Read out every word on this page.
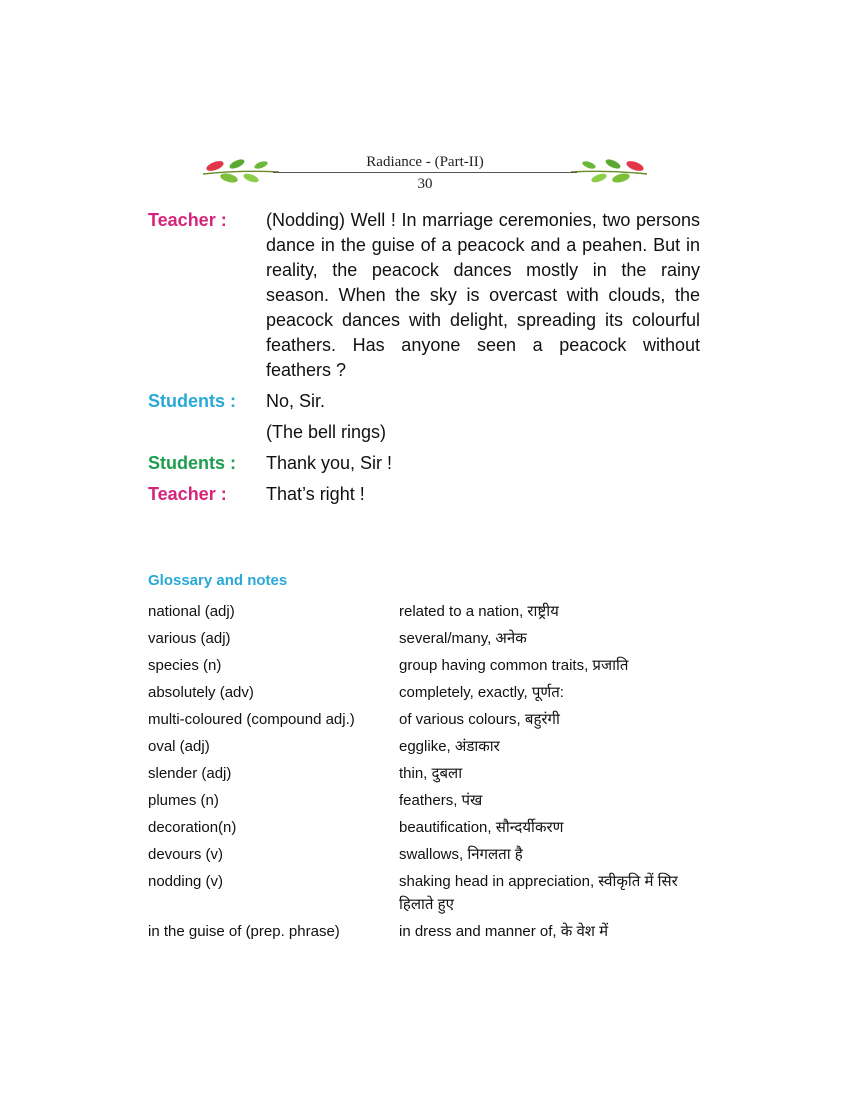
Radiance - (Part-II)
30
Teacher :	(Nodding) Well ! In marriage ceremonies, two persons dance in the guise of a peacock and a peahen. But in reality, the peacock dances mostly in the rainy season. When the sky is overcast with clouds, the peacock dances with delight, spreading its colourful feathers. Has anyone seen a peacock without feathers ?
Students :	No, Sir.
(The bell rings)
Students :	Thank you, Sir !
Teacher :	That’s right !
Glossary and notes
national (adj)	related to a nation, राष्ट्रीय
various (adj)	several/many, अनेक
species (n)	group having common traits, प्रजाति
absolutely (adv)	completely, exactly, पूर्णत:
multi-coloured (compound adj.)	of various colours, बहुरंगी
oval (adj)	egglike, अंडाकार
slender (adj)	thin, दुबला
plumes (n)	feathers, पंख
decoration(n)	beautification, सौन्दर्यीकरण
devours (v)	swallows, निगलता है
nodding (v)	shaking head in appreciation, स्वीकृति में सिर हिलाते हुए
in the guise of (prep. phrase)	in dress and manner of, के वेश में
